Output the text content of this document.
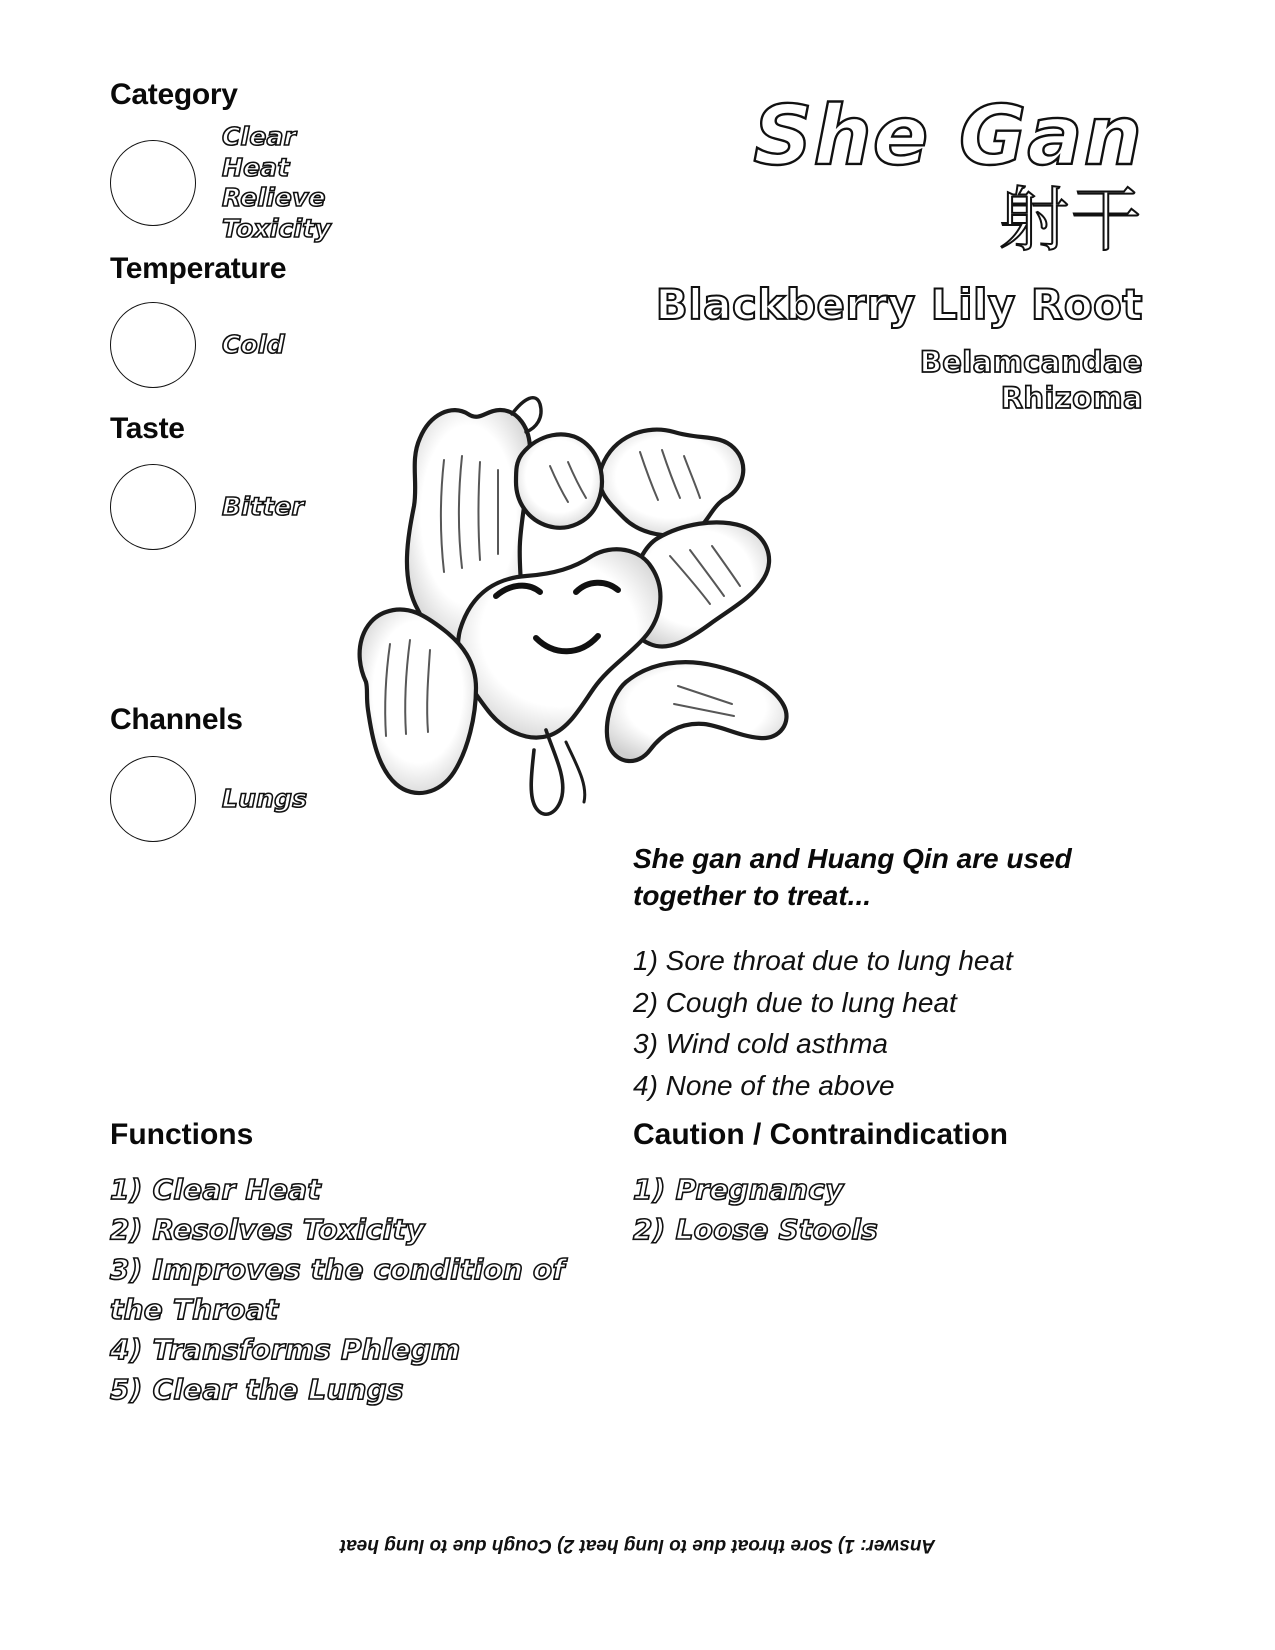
Category
Clear Heat
Relieve Toxicity
Temperature
Cold
Taste
Bitter
Channels
Lungs
She Gan
射干
Blackberry Lily Root
Belamcandae
Rhizoma
She gan and Huang Qin are used together to treat...
1) Sore throat due to lung heat
2) Cough due to lung heat
3) Wind cold asthma
4) None of the above
Functions
1) Clear Heat
2) Resolves Toxicity
3) Improves the condition of the Throat
4) Transforms Phlegm
5) Clear the Lungs
Caution / Contraindication
1) Pregnancy
2) Loose Stools
Answer: 1) Sore throat due to lung heat 2) Cough due to lung heat
